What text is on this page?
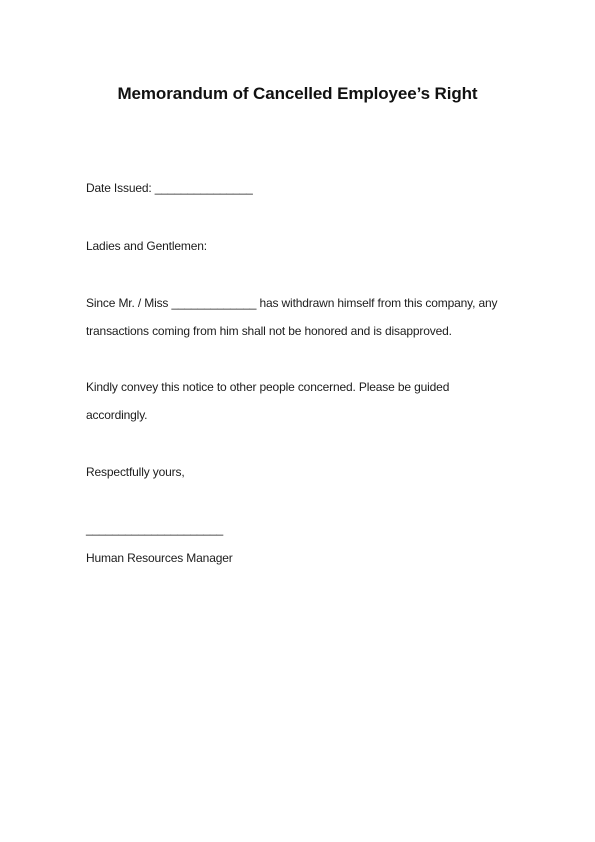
Memorandum of Cancelled Employee’s Right
Date Issued: _______________
Ladies and Gentlemen:
Since Mr. / Miss _____________ has withdrawn himself from this company, any
transactions coming from him shall not be honored and is disapproved.
Kindly convey this notice to other people concerned. Please be guided
accordingly.
Respectfully yours,
_____________________
Human Resources Manager
